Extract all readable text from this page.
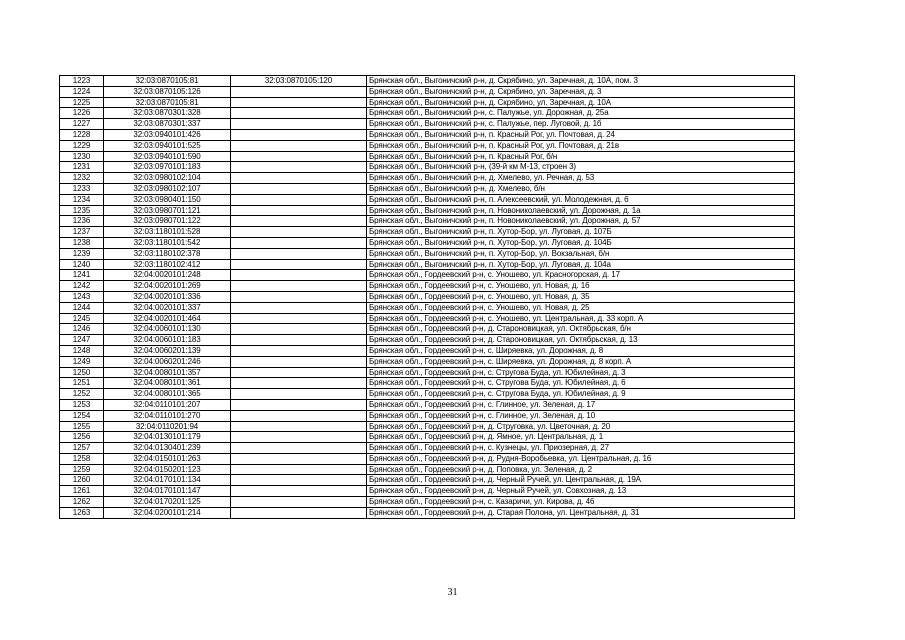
1223	32:03:0870105:81	32:03:0870105:120	Брянская обл., Выгоничский р-н, д. Скрябино, ул. Заречная, д. 10А, пом. 3
1224	32:03:0870105:126		Брянская обл., Выгоничский р-н, д. Скрябино, ул. Заречная, д. 3
1225	32:03:0870105:81		Брянская обл., Выгоничский р-н, д. Скрябино, ул. Заречная, д. 10А
1226	32:03:0870301:328		Брянская обл., Выгоничский р-н, с. Палужье, ул. Дорожная, д. 25а
1227	32:03:0870301:337		Брянская обл., Выгоничский р-н, с. Палужье, пер. Луговой, д. 1б
1228	32:03:0940101:426		Брянская обл., Выгоничский р-н, п. Красный Рог, ул. Почтовая, д. 24
1229	32:03:0940101:525		Брянская обл., Выгоничский р-н, п. Красный Рог, ул. Почтовая, д. 21в
1230	32:03:0940101:590		Брянская обл., Выгоничский р-н, п. Красный Рог, б/н
1231	32:03:0970101:183		Брянская обл., Выгоничский р-н, (39-й км М-13, строен 3)
1232	32:03:0980102:104		Брянская обл., Выгоничский р-н, д. Хмелево, ул. Речная, д. 53
1233	32:03:0980102:107		Брянская обл., Выгоничский р-н, д. Хмелево, б/н
1234	32:03:0980401:150		Брянская обл., Выгоничский р-н, п. Алексеевский, ул. Молодежная, д. 6
1235	32:03:0980701:121		Брянская обл., Выгоничский р-н, п. Новониколаевский, ул. Дорожная, д. 1а
1236	32:03:0980701:122		Брянская обл., Выгоничский р-н, п. Новониколаевский, ул. Дорожная, д. 57
1237	32:03:1180101:528		Брянская обл., Выгоничский р-н, п. Хутор-Бор, ул. Луговая, д. 107Б
1238	32:03:1180101:542		Брянская обл., Выгоничский р-н, п. Хутор-Бор, ул. Луговая, д. 104Б
1239	32:03:1180102:378		Брянская обл., Выгоничский р-н, п. Хутор-Бор, ул. Вокзальная, б/н
1240	32:03:1180102:412		Брянская обл., Выгоничский р-н, п. Хутор-Бор, ул. Луговая, д. 104а
1241	32:04:0020101:248		Брянская обл., Гордеевский р-н, с. Уношево, ул. Красногорская, д. 17
1242	32:04:0020101:269		Брянская обл., Гордеевский р-н, с. Уношево, ул. Новая, д. 16
1243	32:04:0020101:336		Брянская обл., Гордеевский р-н, с. Уношево, ул. Новая, д. 35
1244	32:04:0020101:337		Брянская обл., Гордеевский р-н, с. Уношево, ул. Новая, д. 25
1245	32:04:0020101:464		Брянская обл., Гордеевский р-н, с. Уношево, ул. Центральная, д. 33 корп. А
1246	32:04:0060101:130		Брянская обл., Гордеевский р-н, д. Староновицкая, ул. Октябрьская, б/н
1247	32:04:0060101:183		Брянская обл., Гордеевский р-н, д. Староновицкая, ул. Октябрьская, д. 13
1248	32:04:0060201:139		Брянская обл., Гордеевский р-н, с. Ширяевка, ул. Дорожная, д. 8
1249	32:04:0060201:246		Брянская обл., Гордеевский р-н, с. Ширяевка, ул. Дорожная, д. 8 корп. А
1250	32:04:0080101:357		Брянская обл., Гордеевский р-н, с. Стругова Буда, ул. Юбилейная, д. 3
1251	32:04:0080101:361		Брянская обл., Гордеевский р-н, с. Стругова Буда, ул. Юбилейная, д. 6
1252	32:04:0080101:365		Брянская обл., Гордеевский р-н, с. Стругова Буда, ул. Юбилейная, д. 9
1253	32:04:0110101:207		Брянская обл., Гордеевский р-н, с. Глинное, ул. Зеленая, д. 17
1254	32:04:0110101:270		Брянская обл., Гордеевский р-н, с. Глинное, ул. Зеленая, д. 10
1255	32:04:0110201:94		Брянская обл., Гордеевский р-н, д. Струговка, ул. Цветочная, д. 20
1256	32:04:0130101:179		Брянская обл., Гордеевский р-н, д. Ямное, ул. Центральная, д. 1
1257	32:04:0130401:239		Брянская обл., Гордеевский р-н, с. Кузнецы, ул. Приозерная, д. 27
1258	32:04:0150101:263		Брянская обл., Гордеевский р-н, д. Рудня-Воробьевка, ул. Центральная, д. 16
1259	32:04:0150201:123		Брянская обл., Гордеевский р-н, д. Поповка, ул. Зеленая, д. 2
1260	32:04:0170101:134		Брянская обл., Гордеевский р-н, д. Черный Ручей, ул. Центральная, д. 19А
1261	32:04:0170101:147		Брянская обл., Гордеевский р-н, д. Черный Ручей, ул. Совхозная, д. 13
1262	32:04:0170201:125		Брянская обл., Гордеевский р-н, с. Казаричи, ул. Кирова, д. 46
1263	32:04:0200101:214		Брянская обл., Гордеевский р-н, д. Старая Полона, ул. Центральная, д. 31
31
